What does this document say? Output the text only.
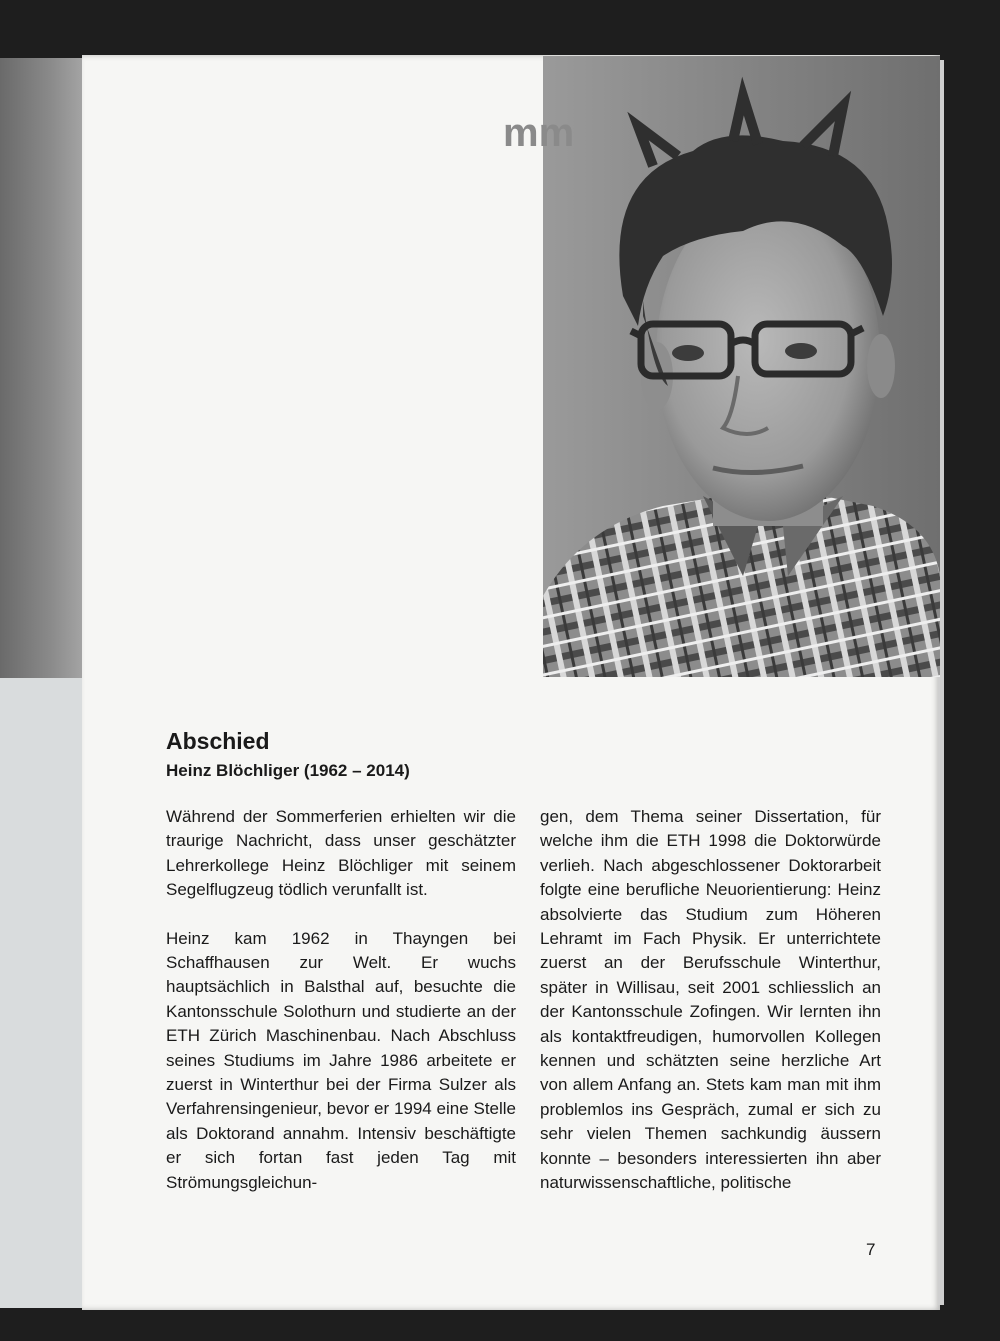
mm
Abschied
Heinz Blöchliger (1962 – 2014)

Während der Sommerferien erhielten wir die traurige Nachricht, dass unser geschätzter Lehrerkollege Heinz Blöchliger mit seinem Segelflugzeug tödlich verunfallt ist.

Heinz kam 1962 in Thayngen bei Schaffhausen zur Welt. Er wuchs hauptsächlich in Balsthal auf, besuchte die Kantonsschule Solothurn und studierte an der ETH Zürich Maschinenbau. Nach Abschluss seines Studiums im Jahre 1986 arbeitete er zuerst in Winterthur bei der Firma Sulzer als Verfahrensingenieur, bevor er 1994 eine Stelle als Doktorand annahm. Intensiv beschäftigte er sich fortan fast jeden Tag mit Strömungsgleichun-

gen, dem Thema seiner Dissertation, für welche ihm die ETH 1998 die Doktorwürde verlieh. Nach abgeschlossener Doktorarbeit folgte eine berufliche Neuorientierung: Heinz absolvierte das Studium zum Höheren Lehramt im Fach Physik. Er unterrichtete zuerst an der Berufsschule Winterthur, später in Willisau, seit 2001 schliesslich an der Kantonsschule Zofingen. Wir lernten ihn als kontaktfreudigen, humorvollen Kollegen kennen und schätzten seine herzliche Art von allem Anfang an. Stets kam man mit ihm problemlos ins Gespräch, zumal er sich zu sehr vielen Themen sachkundig äussern konnte – besonders interessierten ihn aber naturwissenschaftliche, politische

7
